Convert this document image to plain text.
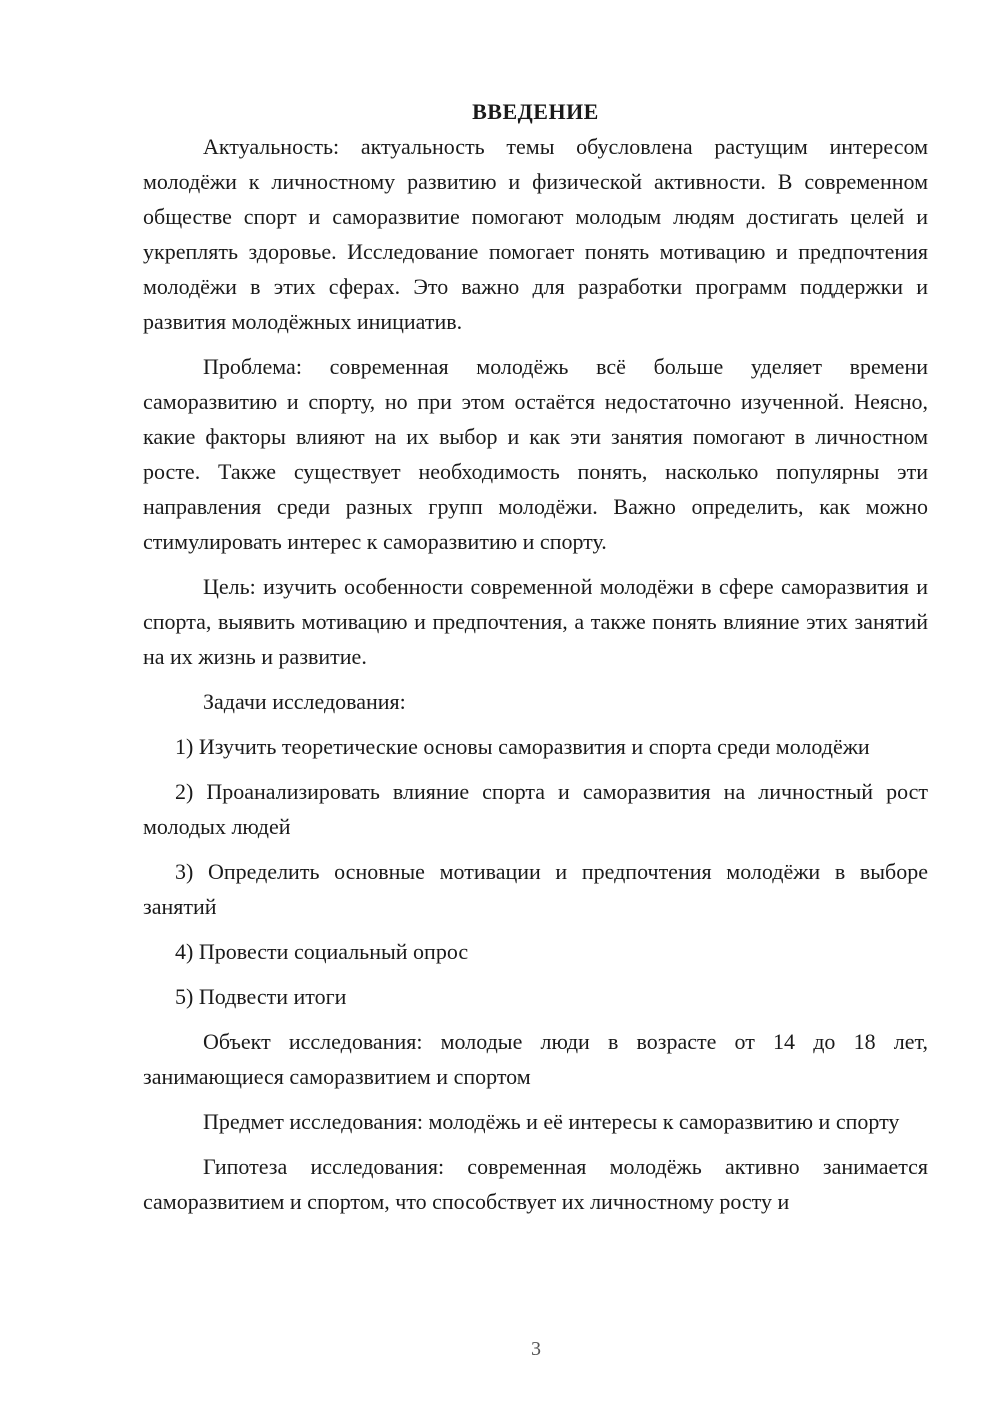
ВВЕДЕНИЕ

Актуальность: актуальность темы обусловлена растущим интересом молодёжи к личностному развитию и физической активности. В современном обществе спорт и саморазвитие помогают молодым людям достигать целей и укреплять здоровье. Исследование помогает понять мотивацию и предпочтения молодёжи в этих сферах. Это важно для разработки программ поддержки и развития молодёжных инициатив.

Проблема: современная молодёжь всё больше уделяет времени саморазвитию и спорту, но при этом остаётся недостаточно изученной. Неясно, какие факторы влияют на их выбор и как эти занятия помогают в личностном росте. Также существует необходимость понять, насколько популярны эти направления среди разных групп молодёжи. Важно определить, как можно стимулировать интерес к саморазвитию и спорту.

Цель: изучить особенности современной молодёжи в сфере саморазвития и спорта, выявить мотивацию и предпочтения, а также понять влияние этих занятий на их жизнь и развитие.

Задачи исследования:

1) Изучить теоретические основы саморазвития и спорта среди молодёжи

2) Проанализировать влияние спорта и саморазвития на личностный рост молодых людей

3) Определить основные мотивации и предпочтения молодёжи в выборе занятий

4) Провести социальный опрос

5) Подвести итоги

Объект исследования: молодые люди в возрасте от 14 до 18 лет, занимающиеся саморазвитием и спортом

Предмет исследования: молодёжь и её интересы к саморазвитию и спорту

Гипотеза исследования: современная молодёжь активно занимается саморазвитием и спортом, что способствует их личностному росту и

3
